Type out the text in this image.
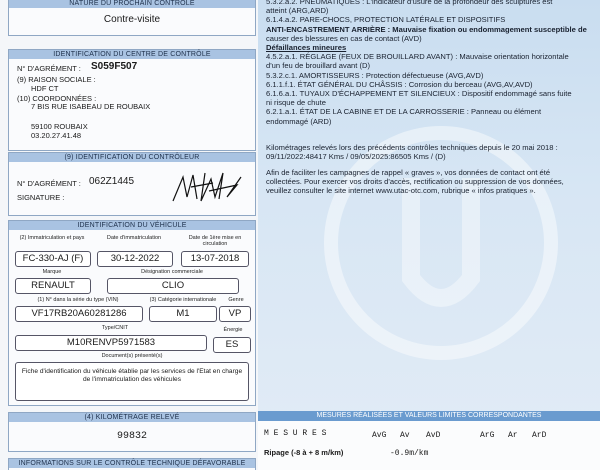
NATURE DU PROCHAIN CONTRÔLE
Contre-visite
IDENTIFICATION DU CENTRE DE CONTRÔLE
N° D'AGRÉMENT : S059F507
(9) RAISON SOCIALE :
HDF CT
(10) COORDONNÉES :
7 BIS RUE ISABEAU DE ROUBAIX
59100 ROUBAIX
03.20.27.41.48
(9) IDENTIFICATION DU CONTRÔLEUR
N° D'AGRÉMENT : 062Z1445
SIGNATURE :
IDENTIFICATION DU VÉHICULE
(2) Immatriculation et pays	Date d'immatriculation	Date de 1ère mise en circulation
FC-330-AJ (F)	30-12-2022	13-07-2018
Marque	Désignation commerciale
RENAULT	CLIO
(1) N° dans la série du type (VIN)	(3) Catégorie internationale	Genre
VF17RB20A60281286	M1	VP
Type/CNIT	Énergie
M10RENVP5971583	ES
Document(s) présenté(s)
Fiche d'identification du véhicule établie par les services de l'Etat en charge de l'immatriculation des véhicules
(4) KILOMÉTRAGE RELEVÉ
99832
INFORMATIONS SUR LE CONTRÔLE TECHNIQUE DÉFAVORABLE
5.3.2.a.2. PNEUMATIQUES : L'indicateur d'usure de la profondeur des sculptures est
atteint (ARG,ARD)
6.1.4.a.2. PARE-CHOCS, PROTECTION LATÉRALE ET DISPOSITIFS
ANTI-ENCASTREMENT ARRIÈRE : Mauvaise fixation ou endommagement susceptible de
causer des blessures en cas de contact (AVD)
Défaillances mineures
4.5.2.a.1. RÉGLAGE (FEUX DE BROUILLARD AVANT) : Mauvaise orientation horizontale
d'un feu de brouillard avant (D)
5.3.2.c.1. AMORTISSEURS : Protection défectueuse (AVG,AVD)
6.1.1.f.1. ÉTAT GÉNÉRAL DU CHÂSSIS : Corrosion du berceau (AVG,AV,AVD)
6.1.6.a.1. TUYAUX D'ÉCHAPPEMENT ET SILENCIEUX : Dispositif endommagé sans fuite
ni risque de chute
6.2.1.a.1. ÉTAT DE LA CABINE ET DE LA CARROSSERIE : Panneau ou élément
endommagé (ARD)
Kilométrages relevés lors des précédents contrôles techniques depuis le 20 mai 2018 :
09/11/2022:48417 Kms / 09/05/2025:86505 Kms / (D)
Afin de faciliter les campagnes de rappel « graves », vos données de contact ont été
collectées. Pour exercer vos droits d'accès, rectification ou suppression de vos données,
veuillez consulter le site internet www.utac-otc.com, rubrique « infos pratiques ».
MESURES RÉALISÉES ET VALEURS LIMITES CORRESPONDANTES
M E S U R E S	AvG Av AvD	ArG Ar ArD
Ripage (-8 à + 8 m/km)	-0.9m/km
